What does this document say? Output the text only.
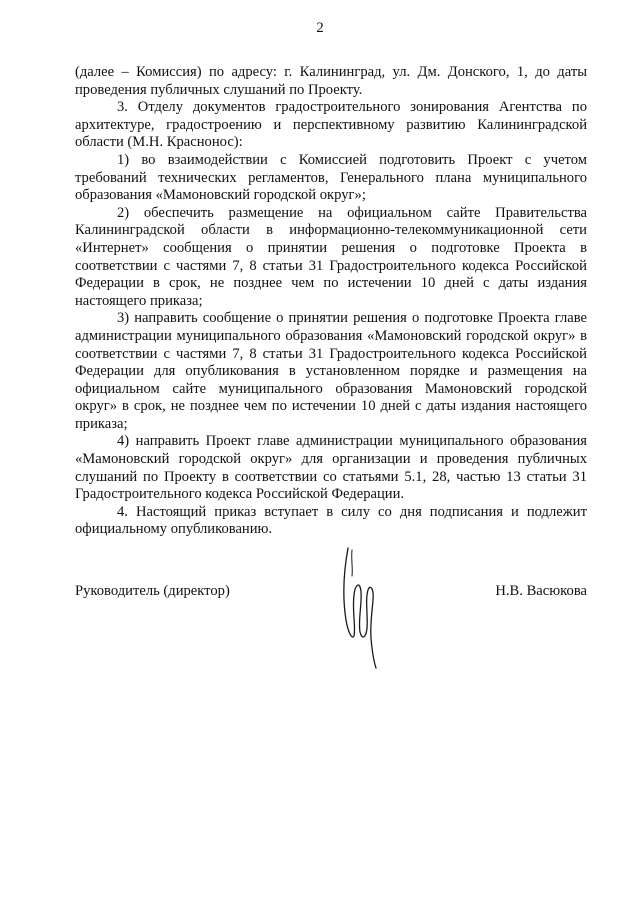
2

(далее – Комиссия) по адресу: г. Калининград, ул. Дм. Донского, 1, до даты проведения публичных слушаний по Проекту.

3. Отделу документов градостроительного зонирования Агентства по архитектуре, градостроению и перспективному развитию Калининградской области (М.Н. Краснонос):

1) во взаимодействии с Комиссией подготовить Проект с учетом требований технических регламентов, Генерального плана муниципального образования «Мамоновский городской округ»;

2) обеспечить размещение на официальном сайте Правительства Калининградской области в информационно-телекоммуникационной сети «Интернет» сообщения о принятии решения о подготовке Проекта в соответствии с частями 7, 8 статьи 31 Градостроительного кодекса Российской Федерации в срок, не позднее чем по истечении 10 дней с даты издания настоящего приказа;

3) направить сообщение о принятии решения о подготовке Проекта главе администрации муниципального образования «Мамоновский городской округ» в соответствии с частями 7, 8 статьи 31 Градостроительного кодекса Российской Федерации для опубликования в установленном порядке и размещения на официальном сайте муниципального образования Мамоновский городской округ» в срок, не позднее чем по истечении 10 дней с даты издания настоящего приказа;

4) направить Проект главе администрации муниципального образования «Мамоновский городской округ» для организации и проведения публичных слушаний по Проекту в соответствии со статьями 5.1, 28, частью 13 статьи 31 Градостроительного кодекса Российской Федерации.

4. Настоящий приказ вступает в силу со дня подписания и подлежит официальному опубликованию.

Руководитель (директор)	Н.В. Васюкова
